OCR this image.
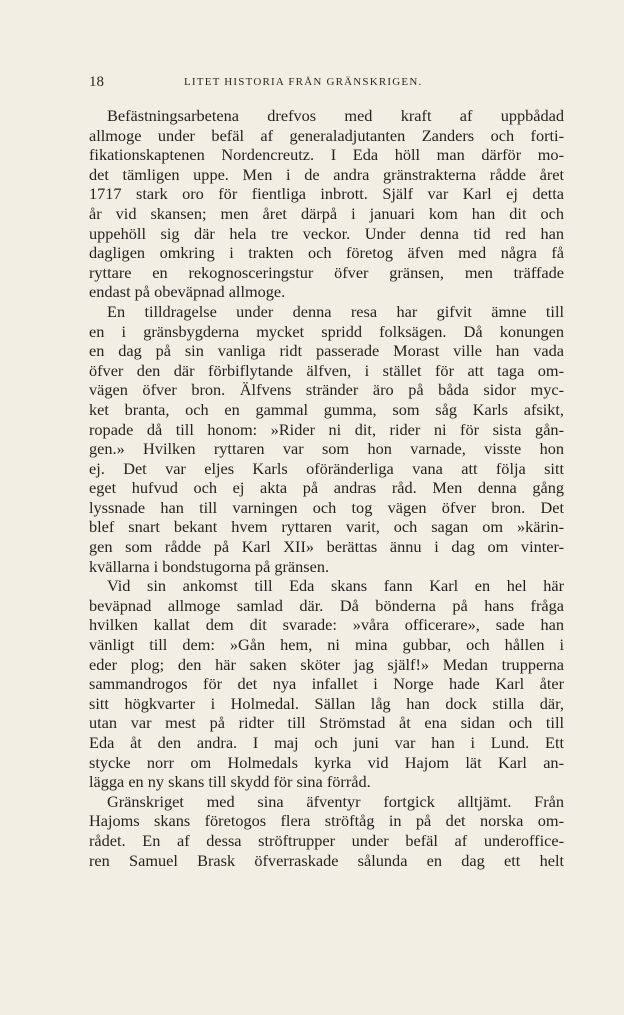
18	LITET HISTORIA FRÅN GRÄNSKRIGEN.
Befästningsarbetena drefvos med kraft af uppbådad
allmoge under befäl af generaladjutanten Zanders och forti-
fikationskaptenen Nordencreutz. I Eda höll man därför mo-
det tämligen uppe. Men i de andra gränstrakterna rådde året
1717 stark oro för fientliga inbrott. Själf var Karl ej detta
år vid skansen; men året därpå i januari kom han dit och
uppehöll sig där hela tre veckor. Under denna tid red han
dagligen omkring i trakten och företog äfven med några få
ryttare en rekognosceringstur öfver gränsen, men träffade
endast på obeväpnad allmoge.
En tilldragelse under denna resa har gifvit ämne till
en i gränsbygderna mycket spridd folksägen. Då konungen
en dag på sin vanliga ridt passerade Morast ville han vada
öfver den där förbiflytande älfven, i stället för att taga om-
vägen öfver bron. Älfvens stränder äro på båda sidor myc-
ket branta, och en gammal gumma, som såg Karls afsikt,
ropade då till honom: »Rider ni dit, rider ni för sista gån-
gen.» Hvilken ryttaren var som hon varnade, visste hon
ej. Det var eljes Karls oföränderliga vana att följa sitt
eget hufvud och ej akta på andras råd. Men denna gång
lyssnade han till varningen och tog vägen öfver bron. Det
blef snart bekant hvem ryttaren varit, och sagan om »kärin-
gen som rådde på Karl XII» berättas ännu i dag om vinter-
kvällarna i bondstugorna på gränsen.
Vid sin ankomst till Eda skans fann Karl en hel här
beväpnad allmoge samlad där. Då bönderna på hans fråga
hvilken kallat dem dit svarade: »våra officerare», sade han
vänligt till dem: »Gån hem, ni mina gubbar, och hållen i
eder plog; den här saken sköter jag själf!» Medan trupperna
sammandrogos för det nya infallet i Norge hade Karl åter
sitt högkvarter i Holmedal. Sällan låg han dock stilla där,
utan var mest på ridter till Strömstad åt ena sidan och till
Eda åt den andra. I maj och juni var han i Lund. Ett
stycke norr om Holmedals kyrka vid Hajom lät Karl an-
lägga en ny skans till skydd för sina förråd.
Gränskriget med sina äfventyr fortgick alltjämt. Från
Hajoms skans företogos flera ströftåg in på det norska om-
rådet. En af dessa ströftrupper under befäl af underoffice-
ren Samuel Brask öfverraskade sålunda en dag ett helt
